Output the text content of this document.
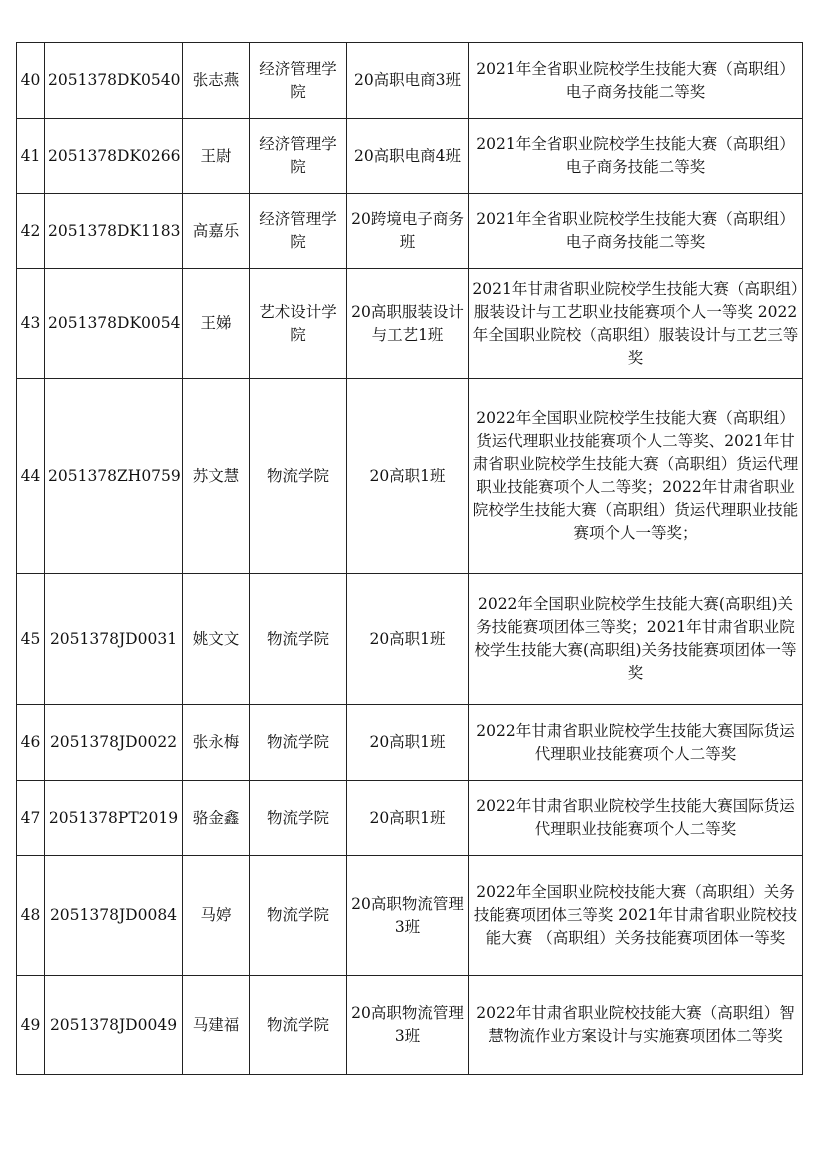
40	2051378DK0540	张志燕	经济管理学院	20高职电商3班	2021年全省职业院校学生技能大赛（高职组）电子商务技能二等奖
41	2051378DK0266	王尉	经济管理学院	20高职电商4班	2021年全省职业院校学生技能大赛（高职组）电子商务技能二等奖
42	2051378DK1183	高嘉乐	经济管理学院	20跨境电子商务班	2021年全省职业院校学生技能大赛（高职组）电子商务技能二等奖
43	2051378DK0054	王娣	艺术设计学院	20高职服装设计与工艺1班	2021年甘肃省职业院校学生技能大赛（高职组）服装设计与工艺职业技能赛项个人一等奖 2022年全国职业院校（高职组）服装设计与工艺三等奖
44	2051378ZH0759	苏文慧	物流学院	20高职1班	2022年全国职业院校学生技能大赛（高职组）货运代理职业技能赛项个人二等奖、2021年甘肃省职业院校学生技能大赛（高职组）货运代理职业技能赛项个人二等奖；2022年甘肃省职业院校学生技能大赛（高职组）货运代理职业技能赛项个人一等奖；
45	2051378JD0031	姚文文	物流学院	20高职1班	2022年全国职业院校学生技能大赛(高职组)关务技能赛项团体三等奖；2021年甘肃省职业院校学生技能大赛(高职组)关务技能赛项团体一等奖
46	2051378JD0022	张永梅	物流学院	20高职1班	2022年甘肃省职业院校学生技能大赛国际货运代理职业技能赛项个人二等奖
47	2051378PT2019	骆金鑫	物流学院	20高职1班	2022年甘肃省职业院校学生技能大赛国际货运代理职业技能赛项个人二等奖
48	2051378JD0084	马婷	物流学院	20高职物流管理3班	2022年全国职业院校技能大赛（高职组）关务技能赛项团体三等奖 2021年甘肃省职业院校技能大赛 （高职组）关务技能赛项团体一等奖
49	2051378JD0049	马建福	物流学院	20高职物流管理3班	2022年甘肃省职业院校技能大赛（高职组）智慧物流作业方案设计与实施赛项团体二等奖
